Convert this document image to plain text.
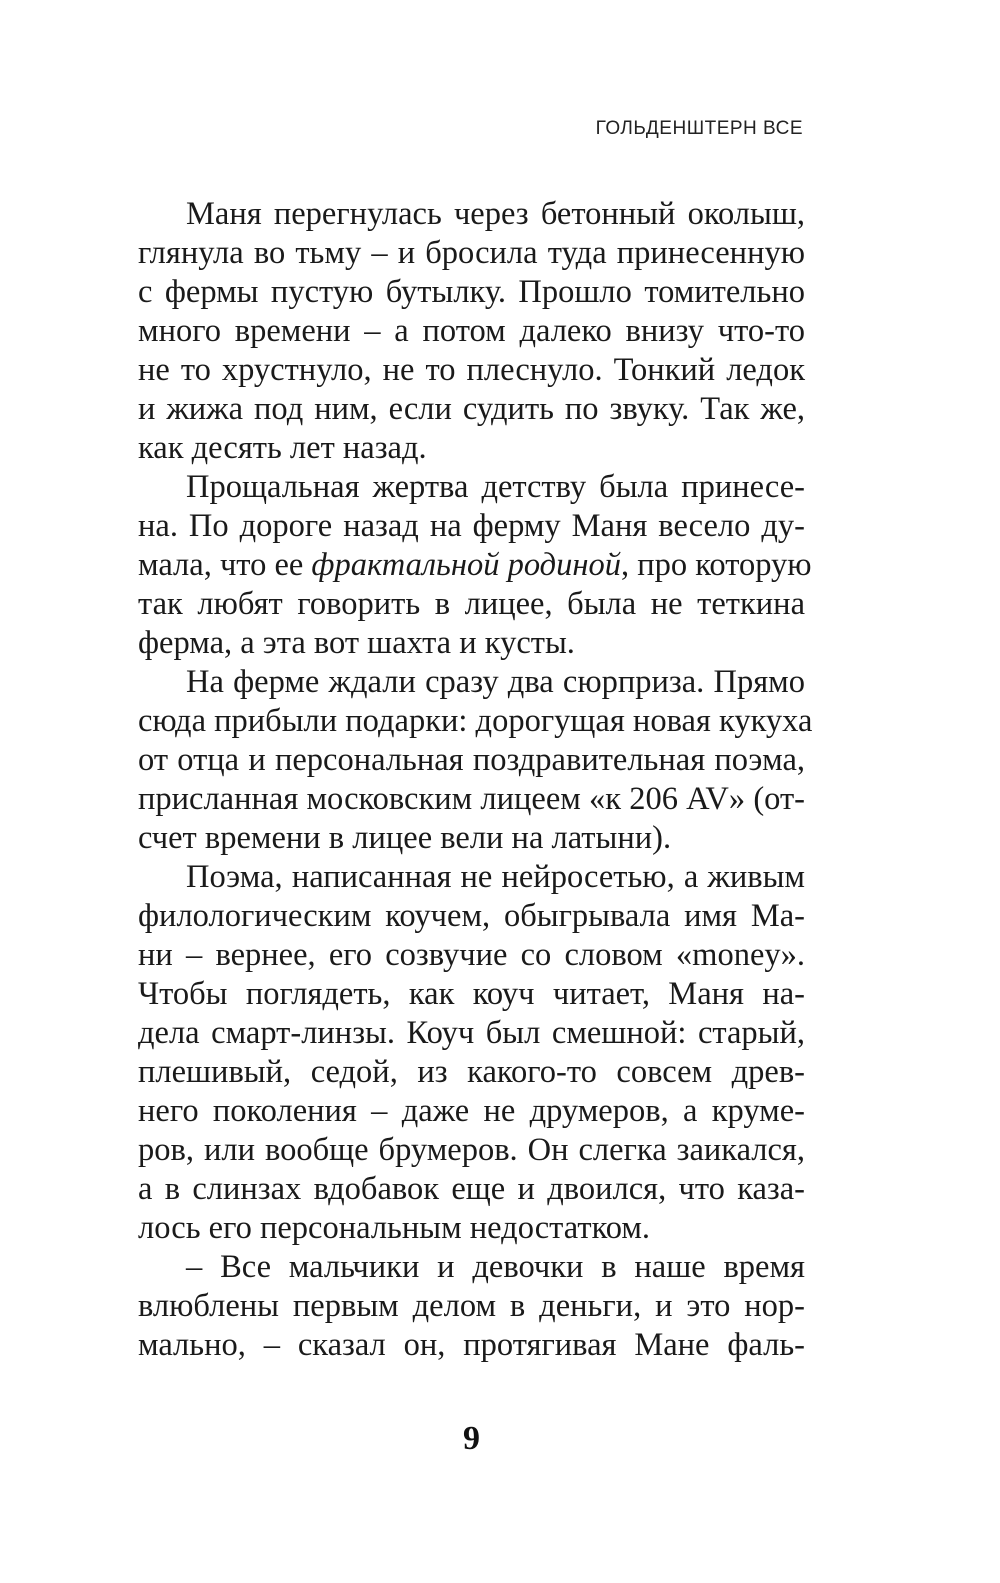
ГОЛЬДЕНШТЕРН ВСЕ
Маня перегнулась через бетонный околыш,
глянула во тьму – и бросила туда принесенную
с фермы пустую бутылку. Прошло томительно
много времени – а потом далеко внизу что-то
не то хрустнуло, не то плеснуло. Тонкий ледок
и жижа под ним, если судить по звуку. Так же,
как десять лет назад.
Прощальная жертва детству была принесе-
на. По дороге назад на ферму Маня весело ду-
мала, что ее фрактальной родиной, про которую
так любят говорить в лицее, была не теткина
ферма, а эта вот шахта и кусты.
На ферме ждали сразу два сюрприза. Прямо
сюда прибыли подарки: дорогущая новая кукуха
от отца и персональная поздравительная поэма,
присланная московским лицеем «к 206 AV» (от-
счет времени в лицее вели на латыни).
Поэма, написанная не нейросетью, а живым
филологическим коучем, обыгрывала имя Ма-
ни – вернее, его созвучие со словом «money».
Чтобы поглядеть, как коуч читает, Маня на-
дела смарт-линзы. Коуч был смешной: старый,
плешивый, седой, из какого-то совсем древ-
него поколения – даже не друмеров, а круме-
ров, или вообще брумеров. Он слегка заикался,
а в слинзах вдобавок еще и двоился, что каза-
лось его персональным недостатком.
– Все мальчики и девочки в наше время
влюблены первым делом в деньги, и это нор-
мально, – сказал он, протягивая Мане фаль-
9
